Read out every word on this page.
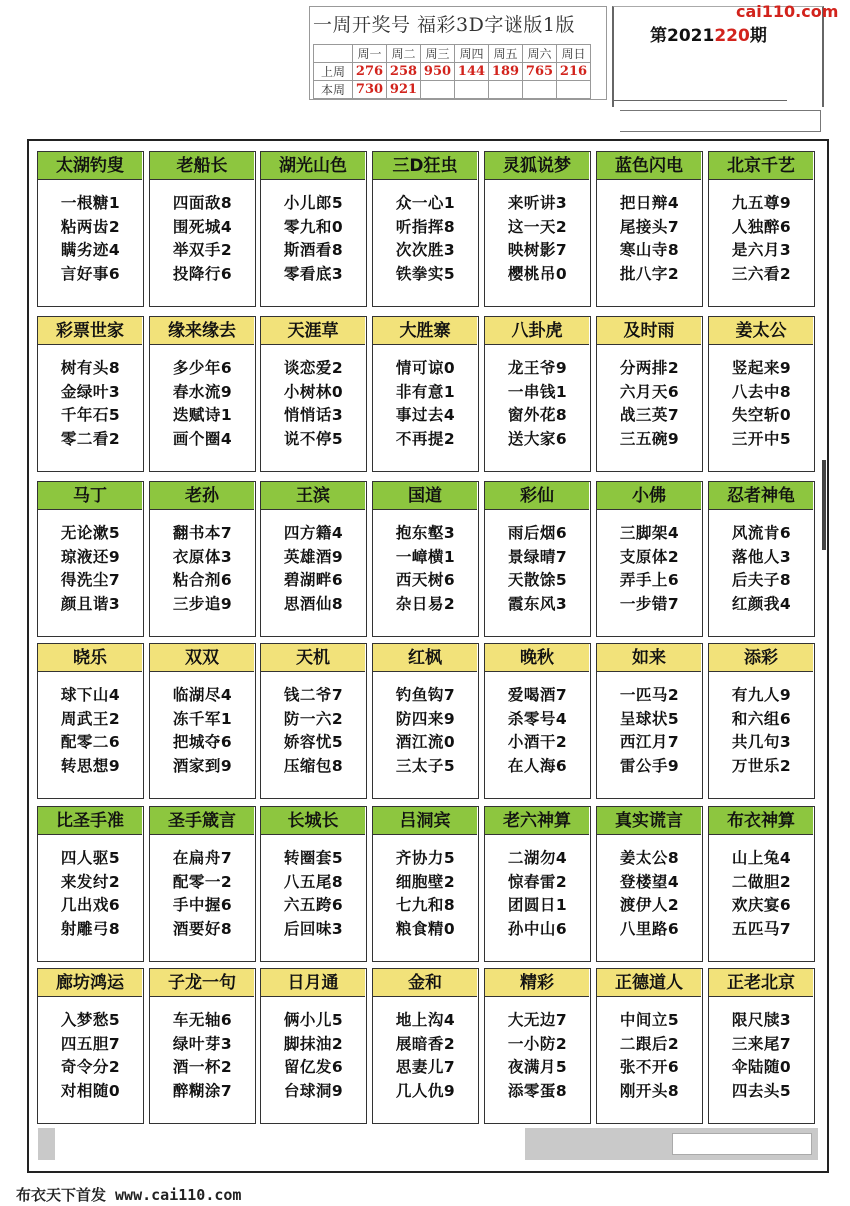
一周开奖号 福彩3D字谜版1版
	周一	周二	周三	周四	周五	周六	周日
上周	276	258	950	144	189	765	216
本周	730	921					
cai110.com
第2021220期
太湖钓叟
一根糖1
粘两齿2
瞒劣迹4
言好事6
老船长
四面敌8
围死城4
举双手2
投降行6
湖光山色
小儿郎5
零九和0
斯酒看8
零看底3
三D狂虫
众一心1
听指挥8
次次胜3
铁拳实5
灵狐说梦
来听讲3
这一天2
映树影7
樱桃吊0
蓝色闪电
把日辩4
尾接头7
寒山寺8
批八字2
北京千艺
九五尊9
人独醉6
是六月3
三六看2
彩票世家
树有头8
金绿叶3
千年石5
零二看2
缘来缘去
多少年6
春水流9
迭赋诗1
画个圈4
天涯草
谈恋爱2
小树林0
悄悄话3
说不停5
大胜寨
情可谅0
非有意1
事过去4
不再提2
八卦虎
龙王爷9
一串钱1
窗外花8
送大家6
及时雨
分两排2
六月天6
战三英7
三五碗9
姜太公
竖起来9
八去中8
失空斩0
三开中5
马丁
无论漱5
琼液还9
得洗尘7
颜且谐3
老孙
翻书本7
衣原体3
粘合剂6
三步追9
王滨
四方籍4
英雄酒9
碧湖畔6
思酒仙8
国道
抱东壑3
一嶂横1
西天树6
杂日易2
彩仙
雨后烟6
景绿晴7
天散馀5
霞东风3
小佛
三脚架4
支原体2
弄手上6
一步错7
忍者神龟
风流肯6
落他人3
后夫子8
红颜我4
晓乐
球下山4
周武王2
配零二6
转思想9
双双
临湖尽4
冻千军1
把城夺6
酒家到9
天机
钱二爷7
防一六2
娇容忧5
压缩包8
红枫
钓鱼钩7
防四来9
酒江流0
三太子5
晚秋
爱喝酒7
杀零号4
小酒干2
在人海6
如来
一匹马2
呈球状5
西江月7
雷公手9
添彩
有九人9
和六组6
共几句3
万世乐2
比圣手准
四人驱5
来发纣2
几出戏6
射雕弓8
圣手箴言
在扁舟7
配零一2
手中握6
酒要好8
长城长
转圈套5
八五尾8
六五跨6
后回味3
吕洞宾
齐协力5
细胞壁2
七九和8
粮食精0
老六神算
二湖勿4
惊春雷2
团圆日1
孙中山6
真实谎言
姜太公8
登楼望4
渡伊人2
八里路6
布衣神算
山上兔4
二做胆2
欢庆宴6
五匹马7
廊坊鸿运
入梦愁5
四五胆7
奇令分2
对相随0
子龙一句
车无轴6
绿叶芽3
酒一杯2
醉糊涂7
日月通
俩小儿5
脚抹油2
留亿发6
台球洞9
金和
地上沟4
展暗香2
思妻儿7
几人仇9
精彩
大无边7
一小防2
夜满月5
添零蛋8
正德道人
中间立5
二跟后2
张不开6
刚开头8
正老北京
限尺牍3
三来尾7
伞陆随0
四去头5
布衣天下首发 www.cai110.com
